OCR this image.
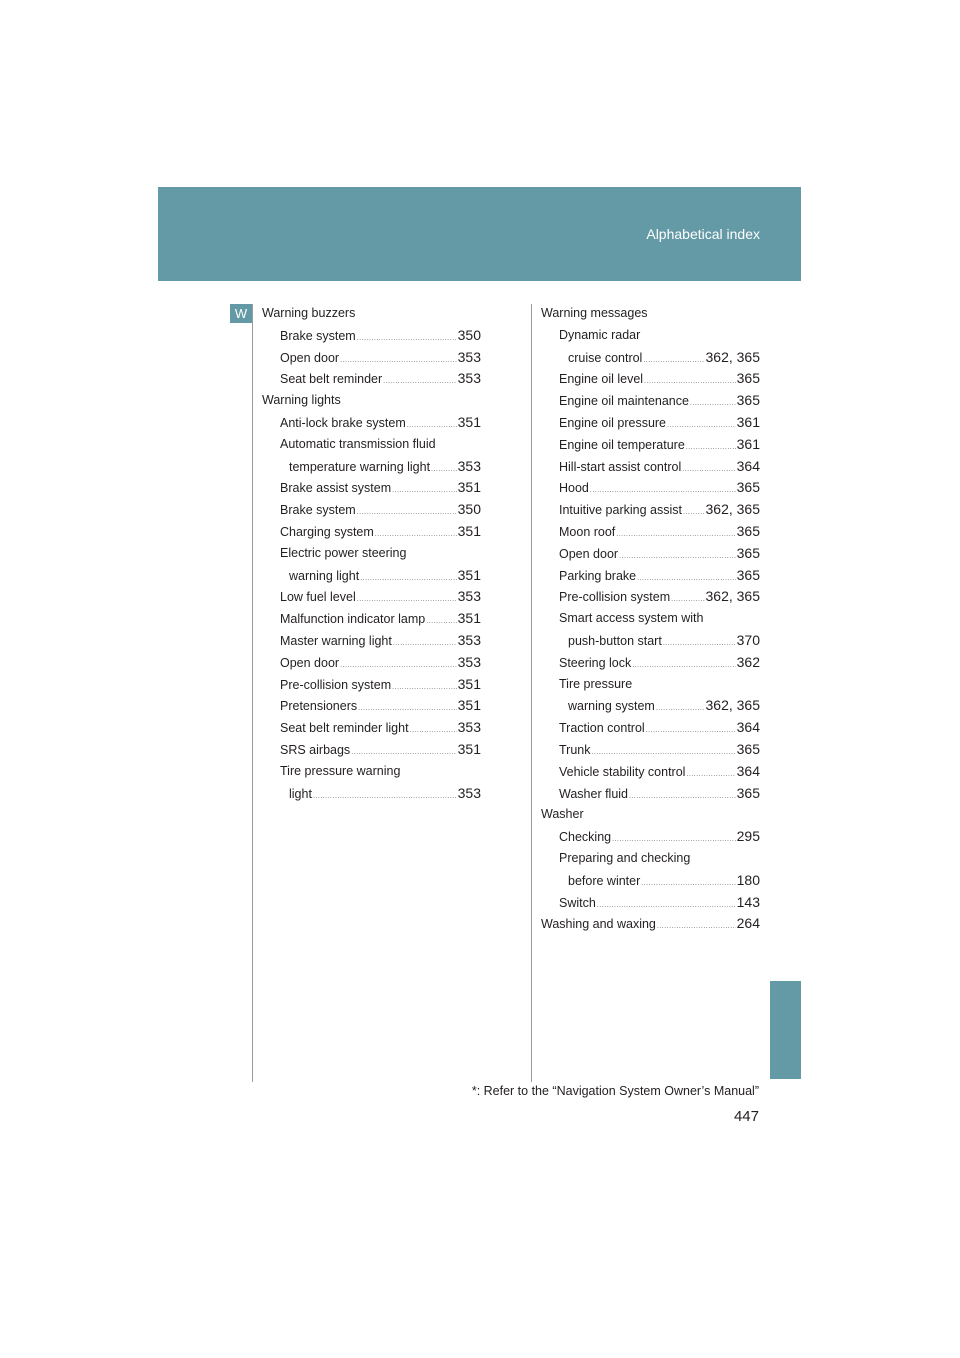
Alphabetical index
W	Warning buzzers
Brake system .....	350
Open door .....	353
Seat belt reminder .....	353
Warning lights
Anti-lock brake system .....	351
Automatic transmission fluid
temperature warning light ..... 353
Brake assist system .....	351
Brake system .....	350
Charging system .....	351
Electric power steering
warning light .....	351
Low fuel level .....	353
Malfunction indicator lamp ..... 351
Master warning light .....	353
Open door .....	353
Pre-collision system .....	351
Pretensioners .....	351
Seat belt reminder light .....	353
SRS airbags .....	351
Tire pressure warning
light .....	353
Warning messages
Dynamic radar
cruise control .....	362, 365
Engine oil level .....	365
Engine oil maintenance .....	365
Engine oil pressure .....	361
Engine oil temperature .....	361
Hill-start assist control .....	364
Hood .....	365
Intuitive parking assist ..... 362, 365
Moon roof .....	365
Open door .....	365
Parking brake .....	365
Pre-collision system .....	362, 365
Smart access system with
push-button start .....	370
Steering lock .....	362
Tire pressure
warning system .....	362, 365
Traction control .....	364
Trunk .....	365
Vehicle stability control .....	364
Washer fluid .....	365
Washer
Checking .....	295
Preparing and checking
before winter .....	180
Switch .....	143
Washing and waxing .....	264
*: Refer to the “Navigation System Owner’s Manual”
447
